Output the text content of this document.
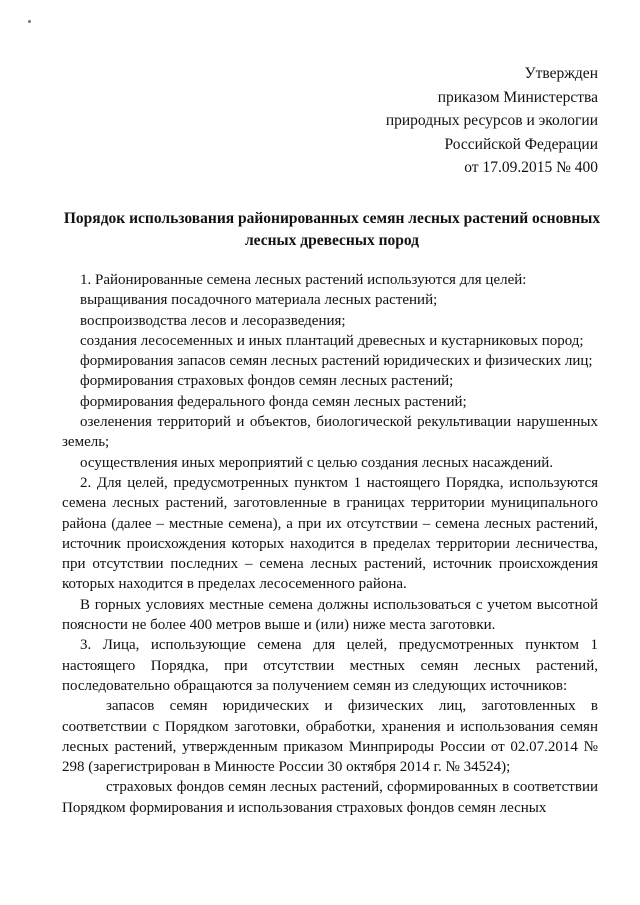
Утвержден
приказом Министерства
природных ресурсов и экологии
Российской Федерации
от 17.09.2015 № 400
Порядок использования районированных семян лесных растений основных
лесных древесных пород

1. Районированные семена лесных растений используются для целей:

выращивания посадочного материала лесных растений;

воспроизводства лесов и лесоразведения;

создания лесосеменных и иных плантаций древесных и кустарниковых пород;

формирования запасов семян лесных растений юридических и физических лиц;

формирования страховых фондов семян лесных растений;

формирования федерального фонда семян лесных растений;

озеленения территорий и объектов, биологической рекультивации нарушенных земель;

осуществления иных мероприятий с целью создания лесных насаждений.

2. Для целей, предусмотренных пунктом 1 настоящего Порядка, используются семена лесных растений, заготовленные в границах территории муниципального района (далее – местные семена), а при их отсутствии – семена лесных растений, источник происхождения которых находится в пределах территории лесничества, при отсутствии последних – семена лесных растений, источник происхождения которых находится в пределах лесосеменного района.

В горных условиях местные семена должны использоваться с учетом высотной поясности не более 400 метров выше и (или) ниже места заготовки.

3. Лица, использующие семена для целей, предусмотренных пунктом 1 настоящего Порядка, при отсутствии местных семян лесных растений, последовательно обращаются за получением семян из следующих источников:

запасов семян юридических и физических лиц, заготовленных в соответствии с Порядком заготовки, обработки, хранения и использования семян лесных растений, утвержденным приказом Минприроды России от 02.07.2014 № 298 (зарегистрирован в Минюсте России 30 октября 2014 г. № 34524);

страховых фондов семян лесных растений, сформированных в соответствии Порядком формирования и использования страховых фондов семян лесных
